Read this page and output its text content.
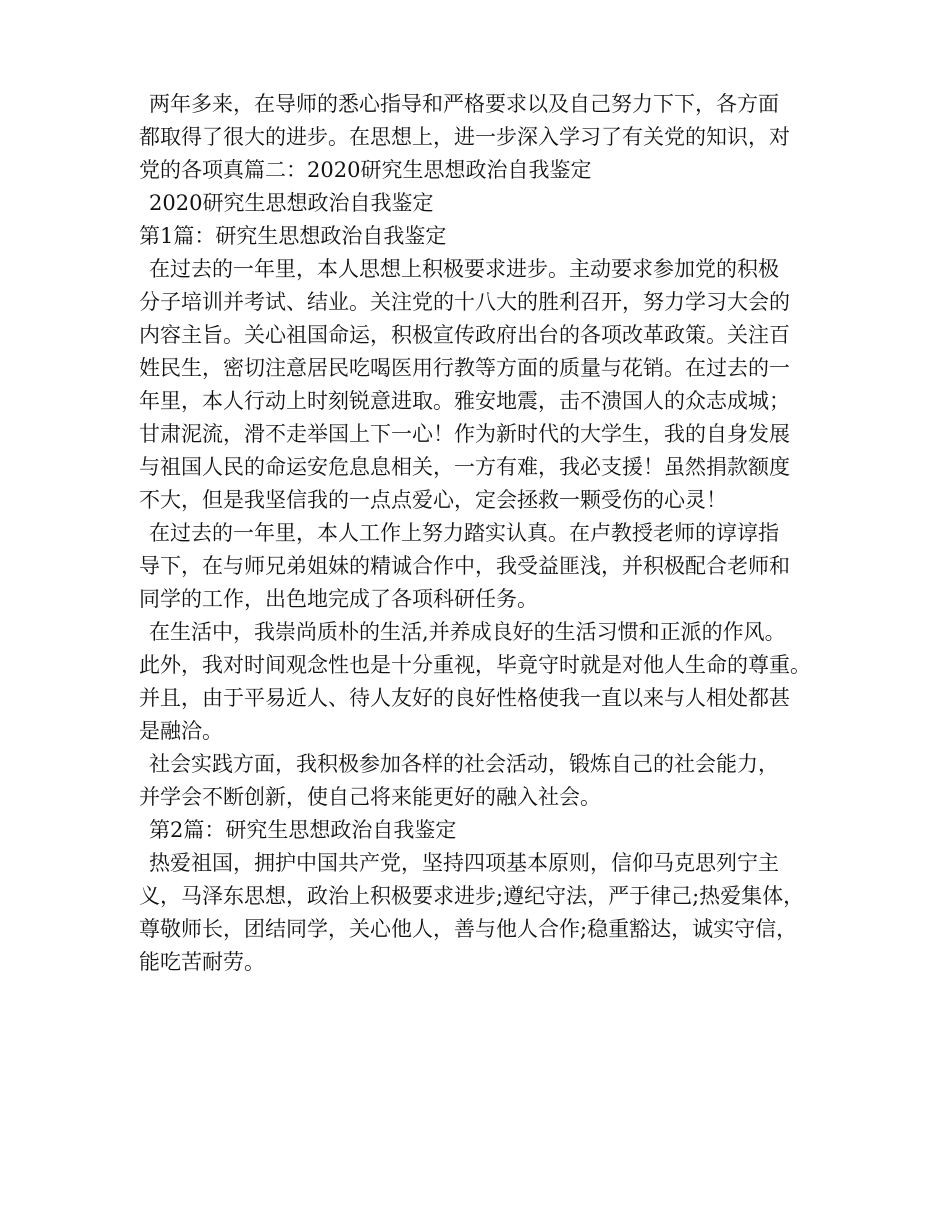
两年多来，在导师的悉心指导和严格要求以及自己努力下下，各方面
都取得了很大的进步。在思想上，进一步深入学习了有关党的知识，对
党的各项真篇二：2020研究生思想政治自我鉴定
2020研究生思想政治自我鉴定
第1篇：研究生思想政治自我鉴定
在过去的一年里，本人思想上积极要求进步。主动要求参加党的积极
分子培训并考试、结业。关注党的十八大的胜利召开，努力学习大会的
内容主旨。关心祖国命运，积极宣传政府出台的各项改革政策。关注百
姓民生，密切注意居民吃喝医用行教等方面的质量与花销。在过去的一
年里，本人行动上时刻锐意进取。雅安地震，击不溃国人的众志成城；
甘肃泥流，滑不走举国上下一心！作为新时代的大学生，我的自身发展
与祖国人民的命运安危息息相关，一方有难，我必支援！虽然捐款额度
不大，但是我坚信我的一点点爱心，定会拯救一颗受伤的心灵！
在过去的一年里，本人工作上努力踏实认真。在卢教授老师的谆谆指
导下，在与师兄弟姐妹的精诚合作中，我受益匪浅，并积极配合老师和
同学的工作，出色地完成了各项科研任务。
在生活中，我崇尚质朴的生活,并养成良好的生活习惯和正派的作风。
此外，我对时间观念性也是十分重视，毕竟守时就是对他人生命的尊重。
并且，由于平易近人、待人友好的良好性格使我一直以来与人相处都甚
是融洽。
社会实践方面，我积极参加各样的社会活动，锻炼自己的社会能力，
并学会不断创新，使自己将来能更好的融入社会。
第2篇：研究生思想政治自我鉴定
热爱祖国，拥护中国共产党，坚持四项基本原则，信仰马克思列宁主
义，马泽东思想，政治上积极要求进步;遵纪守法，严于律己;热爱集体，
尊敬师长，团结同学，关心他人，善与他人合作;稳重豁达，诚实守信，
能吃苦耐劳。
